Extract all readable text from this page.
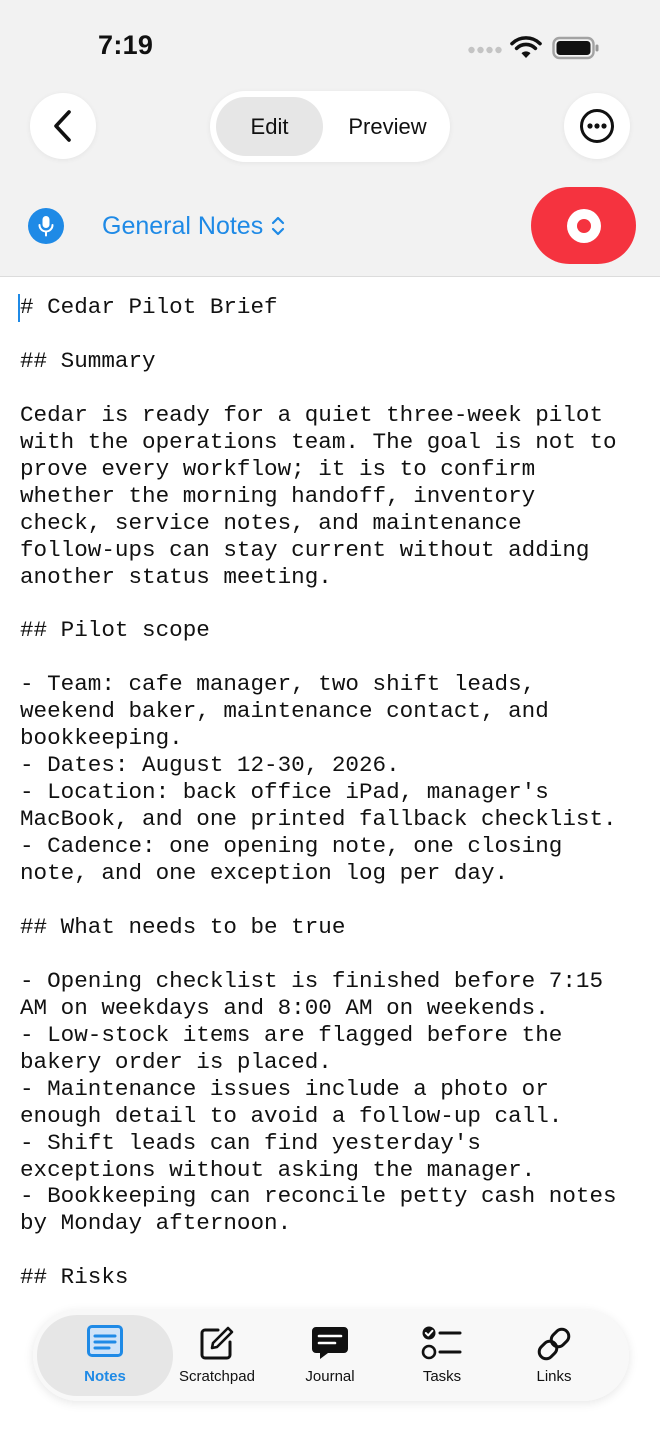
7:19
Edit	Preview
General Notes
# Cedar Pilot Brief

## Summary

Cedar is ready for a quiet three-week pilot
with the operations team. The goal is not to
prove every workflow; it is to confirm
whether the morning handoff, inventory
check, service notes, and maintenance
follow-ups can stay current without adding
another status meeting.

## Pilot scope

- Team: cafe manager, two shift leads,
weekend baker, maintenance contact, and
bookkeeping.
- Dates: August 12-30, 2026.
- Location: back office iPad, manager's
MacBook, and one printed fallback checklist.
- Cadence: one opening note, one closing
note, and one exception log per day.

## What needs to be true

- Opening checklist is finished before 7:15
AM on weekdays and 8:00 AM on weekends.
- Low-stock items are flagged before the
bakery order is placed.
- Maintenance issues include a photo or
enough detail to avoid a follow-up call.
- Shift leads can find yesterday's
exceptions without asking the manager.
- Bookkeeping can reconcile petty cash notes
by Monday afternoon.

## Risks
Notes	Scratchpad	Journal	Tasks	Links
